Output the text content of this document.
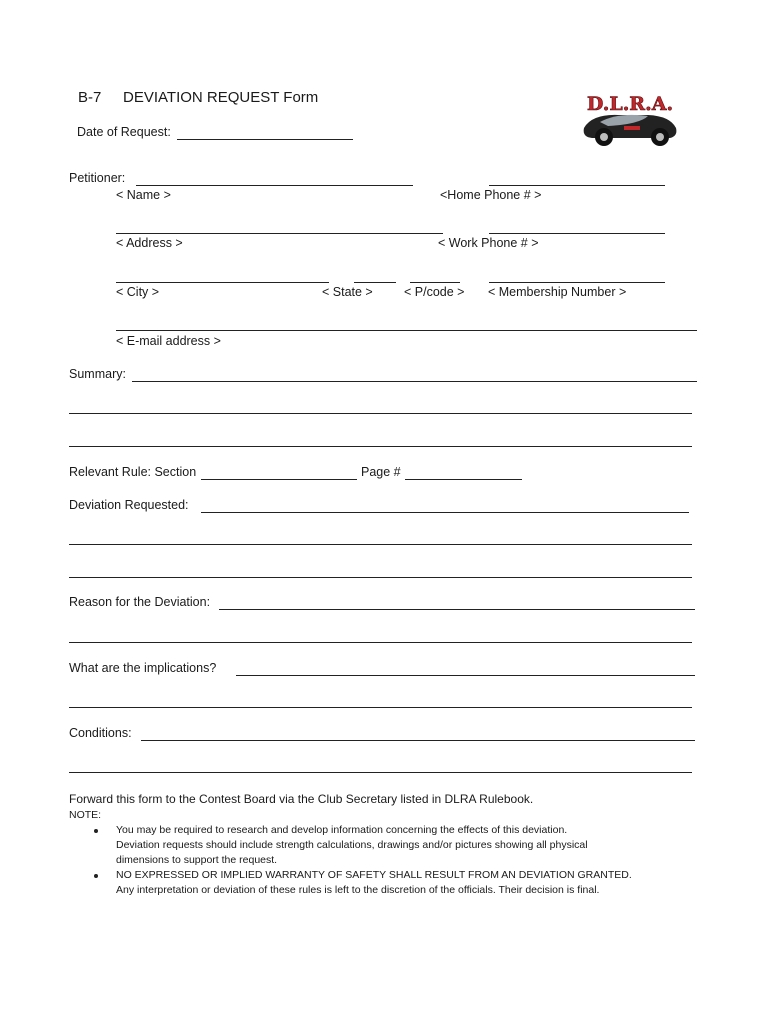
B-7 DEVIATION REQUEST Form	D.L.R.A.
Date of Request:
Petitioner:
< Name >	<Home Phone # >
< Address >	< Work Phone # >
< City >	< State >	< P/code > < Membership Number >
< E-mail address >
Summary:
Relevant Rule: Section	Page #
Deviation Requested:
Reason for the Deviation:
What are the implications?
Conditions:
Forward this form to the Contest Board via the Club Secretary listed in DLRA Rulebook.
NOTE:
You may be required to research and develop information concerning the effects of this deviation.
Deviation requests should include strength calculations, drawings and/or pictures showing all physical
dimensions to support the request.
NO EXPRESSED OR IMPLIED WARRANTY OF SAFETY SHALL RESULT FROM AN DEVIATION GRANTED.
Any interpretation or deviation of these rules is left to the discretion of the officials. Their decision is final.
